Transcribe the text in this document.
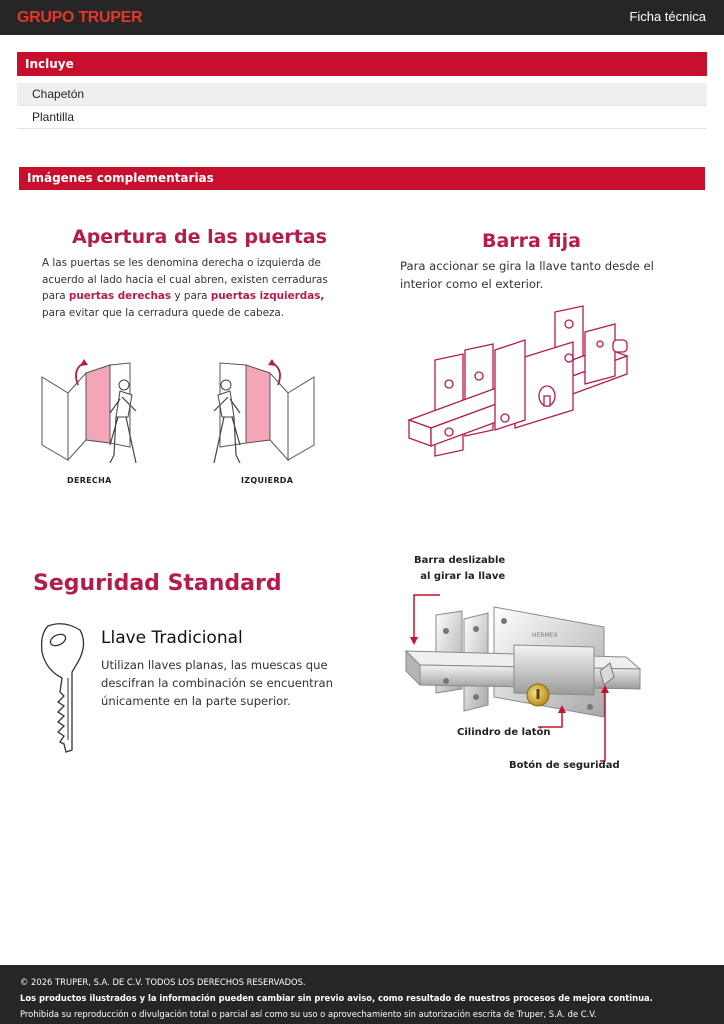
GRUPO TRUPER	Ficha técnica
Incluye
Chapetón
Plantilla
Imágenes complementarias
Apertura de las puertas
A las puertas se les denomina derecha o izquierda de
acuerdo al lado hacia el cual abren, existen cerraduras
para puertas derechas y para puertas izquierdas,
para evitar que la cerradura quede de cabeza.
DERECHA	IZQUIERDA
Barra fija
Para accionar se gira la llave tanto desde el
interior como el exterior.
Seguridad Standard
Llave Tradicional
Utilizan llaves planas, las muescas que
descifran la combinación se encuentran
únicamente en la parte superior.
Barra deslizable
al girar la llave
HERMEX
Cilindro de latón
Botón de seguridad
© 2026 TRUPER, S.A. DE C.V. TODOS LOS DERECHOS RESERVADOS.
Los productos ilustrados y la información pueden cambiar sin previo aviso, como resultado de nuestros procesos de mejora continua.
Prohibida su reproducción o divulgación total o parcial así como su uso o aprovechamiento sin autorización escrita de Truper, S.A. de C.V.
